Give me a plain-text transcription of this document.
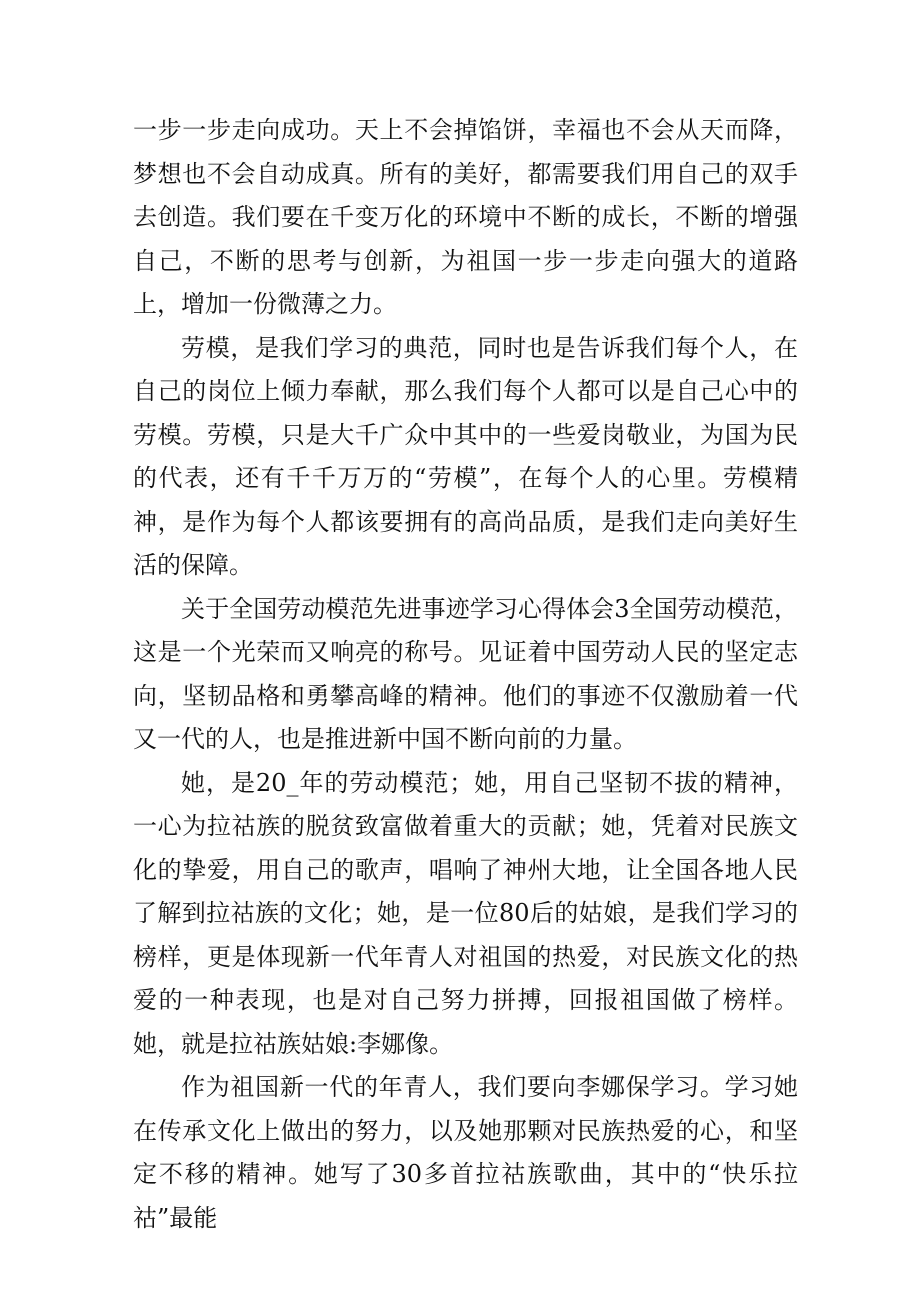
一步一步走向成功。天上不会掉馅饼，幸福也不会从天而降，梦想也不会自动成真。所有的美好，都需要我们用自己的双手去创造。我们要在千变万化的环境中不断的成长，不断的增强自己，不断的思考与创新，为祖国一步一步走向强大的道路上，增加一份微薄之力。

劳模，是我们学习的典范，同时也是告诉我们每个人，在自己的岗位上倾力奉献，那么我们每个人都可以是自己心中的劳模。劳模，只是大千广众中其中的一些爱岗敬业，为国为民的代表，还有千千万万的“劳模”，在每个人的心里。劳模精神，是作为每个人都该要拥有的高尚品质，是我们走向美好生活的保障。

关于全国劳动模范先进事迹学习心得体会3全国劳动模范，这是一个光荣而又响亮的称号。见证着中国劳动人民的坚定志向，坚韧品格和勇攀高峰的精神。他们的事迹不仅激励着一代又一代的人，也是推进新中国不断向前的力量。

她，是20_年的劳动模范；她，用自己坚韧不拔的精神，一心为拉祜族的脱贫致富做着重大的贡献；她，凭着对民族文化的挚爱，用自己的歌声，唱响了神州大地，让全国各地人民了解到拉祜族的文化；她，是一位80后的姑娘，是我们学习的榜样，更是体现新一代年青人对祖国的热爱，对民族文化的热爱的一种表现，也是对自己努力拼搏，回报祖国做了榜样。她，就是拉祜族姑娘:李娜像。

作为祖国新一代的年青人，我们要向李娜保学习。学习她在传承文化上做出的努力，以及她那颗对民族热爱的心，和坚定不移的精神。她写了30多首拉祜族歌曲，其中的“快乐拉祜”最能
